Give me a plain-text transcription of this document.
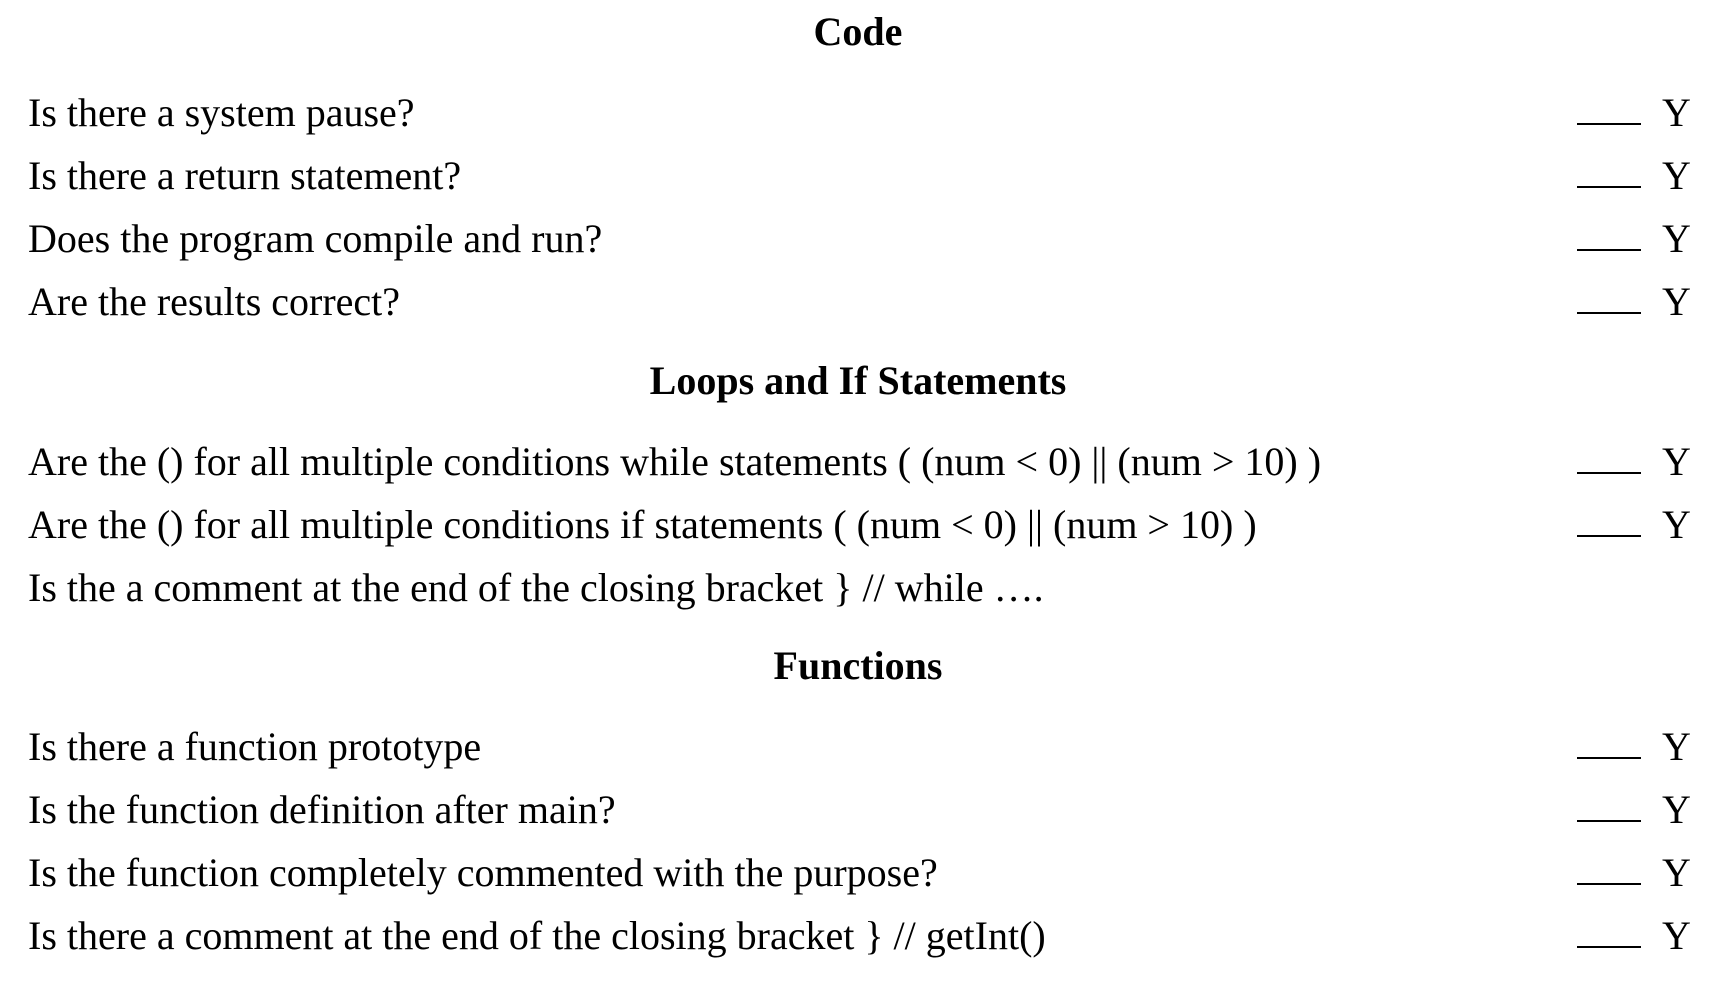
Code
Is there a system pause?	Y
Is there a return statement?	Y
Does the program compile and run?	Y
Are the results correct?	Y
Loops and If Statements
Are the () for all multiple conditions while statements ( (num < 0) || (num > 10) )	Y
Are the () for all multiple conditions if statements ( (num < 0) || (num > 10) )	Y
Is the a comment at the end of the closing bracket } // while ….
Functions
Is there a function prototype	Y
Is the function definition after main?	Y
Is the function completely commented with the purpose?	Y
Is there a comment at the end of the closing bracket } // getInt()	Y
